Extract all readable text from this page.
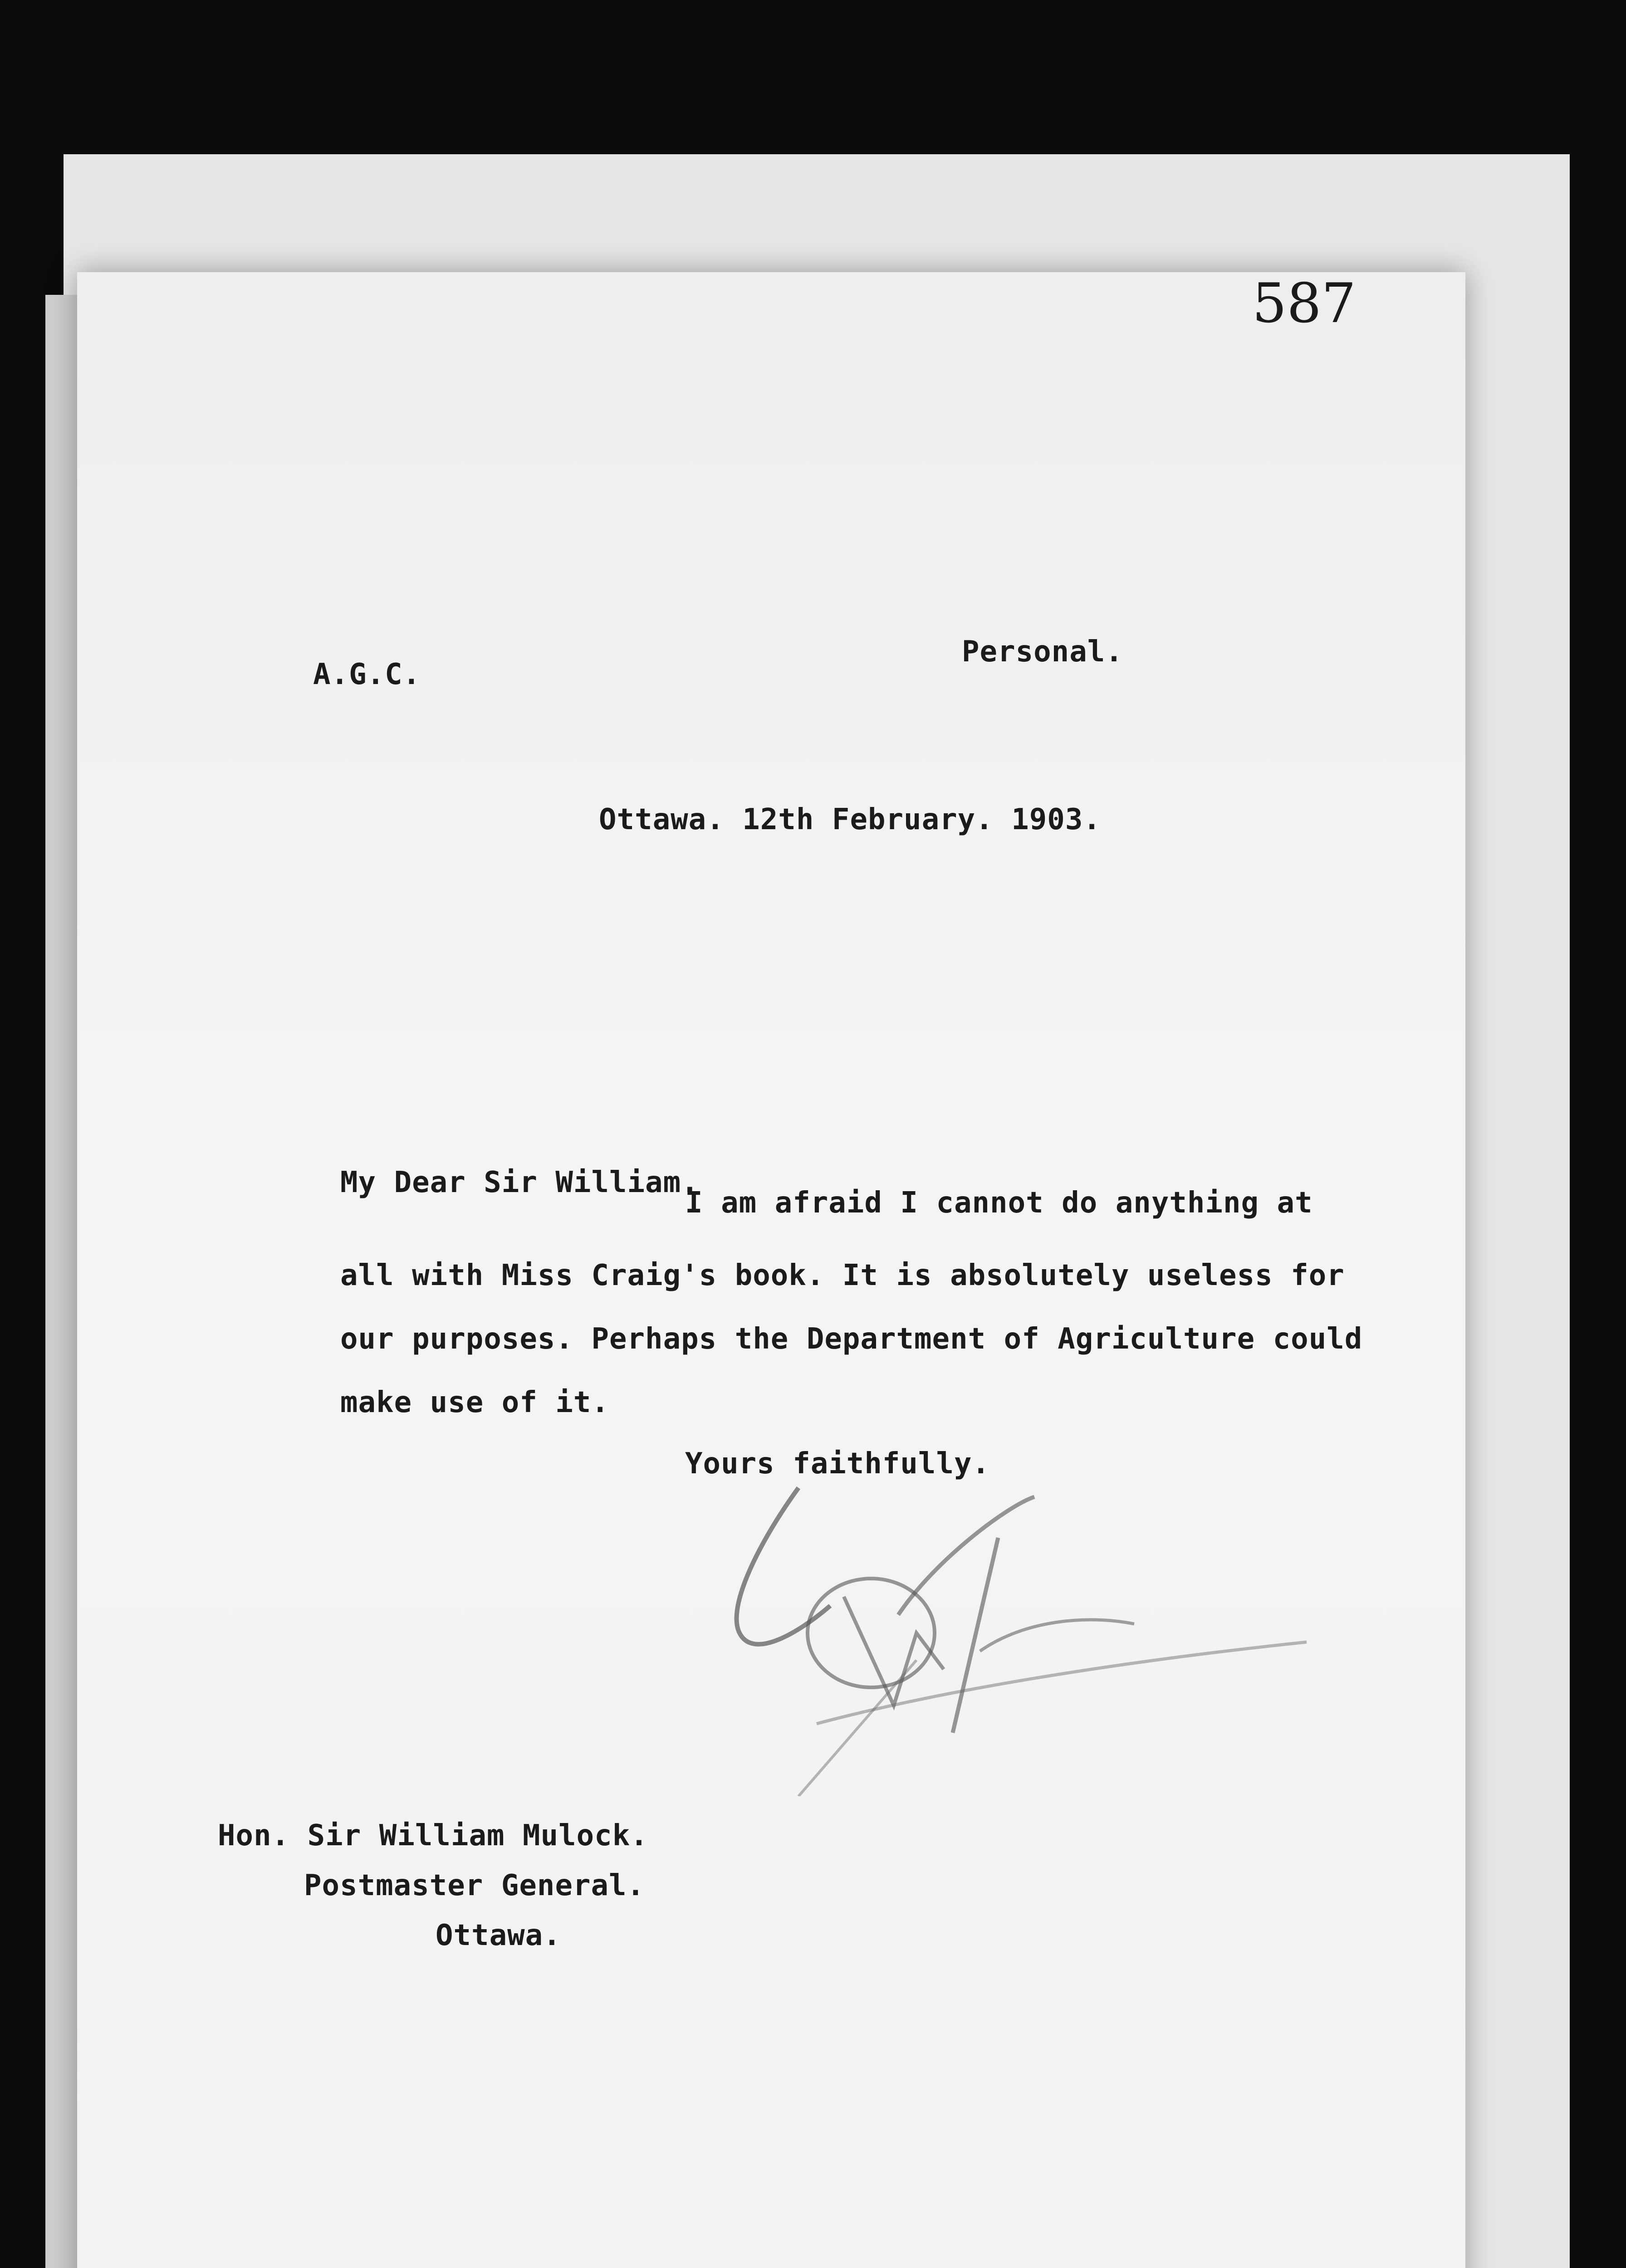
587
A.G.C.
Personal.
Ottawa. 12th February. 1903.
My Dear Sir William.
I am afraid I cannot do anything at
all with Miss Craig's book. It is absolutely useless for
our purposes. Perhaps the Department of Agriculture could
make use of it.
Yours faithfully.
Hon. Sir William Mulock.
Postmaster General.
Ottawa.
